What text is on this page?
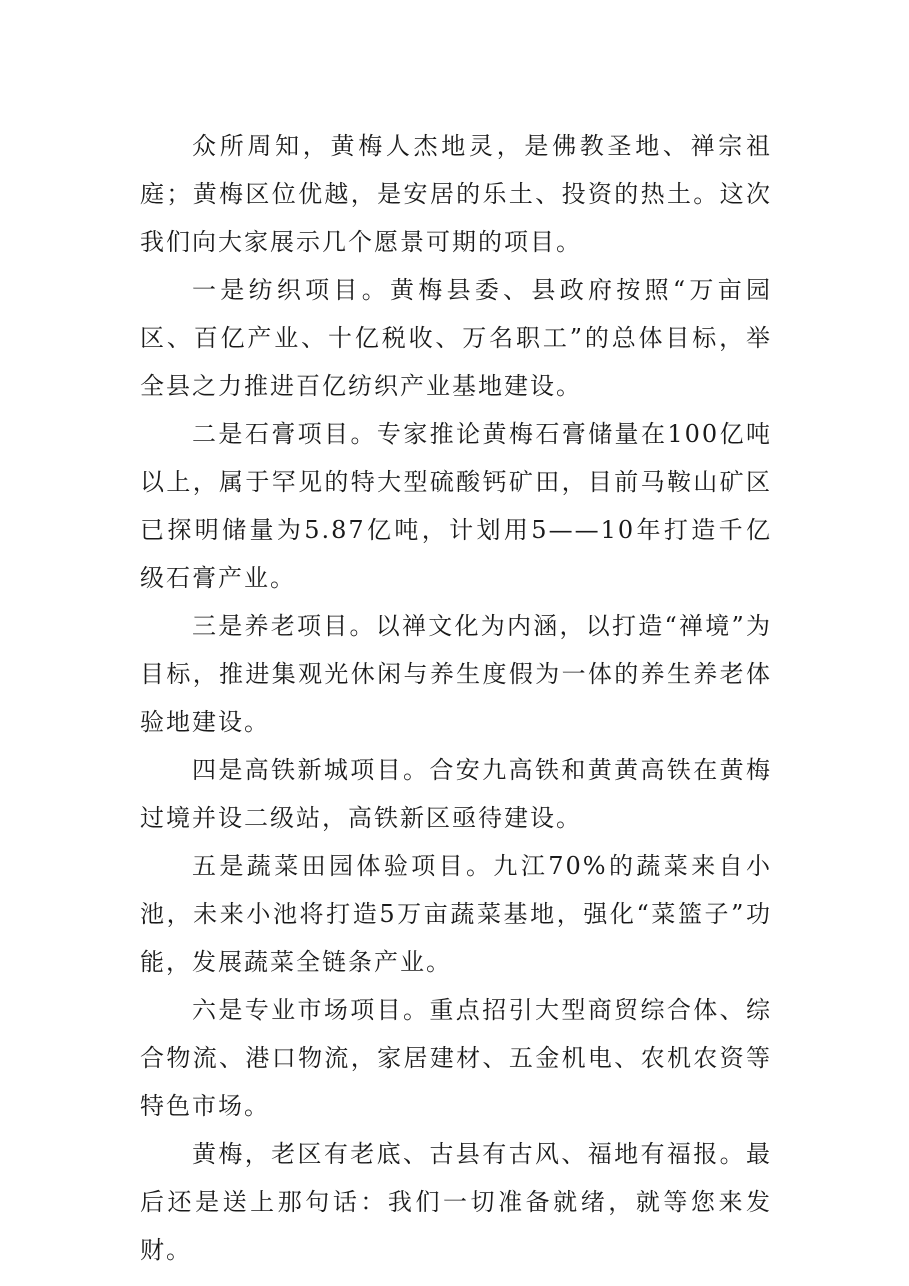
众所周知，黄梅人杰地灵，是佛教圣地、禅宗祖庭；黄梅区位优越，是安居的乐土、投资的热土。这次我们向大家展示几个愿景可期的项目。

一是纺织项目。黄梅县委、县政府按照“万亩园区、百亿产业、十亿税收、万名职工”的总体目标，举全县之力推进百亿纺织产业基地建设。

二是石膏项目。专家推论黄梅石膏储量在100亿吨以上，属于罕见的特大型硫酸钙矿田，目前马鞍山矿区已探明储量为5.87亿吨，计划用5——10年打造千亿级石膏产业。

三是养老项目。以禅文化为内涵，以打造“禅境”为目标，推进集观光休闲与养生度假为一体的养生养老体验地建设。

四是高铁新城项目。合安九高铁和黄黄高铁在黄梅过境并设二级站，高铁新区亟待建设。

五是蔬菜田园体验项目。九江70%的蔬菜来自小池，未来小池将打造5万亩蔬菜基地，强化“菜篮子”功能，发展蔬菜全链条产业。

六是专业市场项目。重点招引大型商贸综合体、综合物流、港口物流，家居建材、五金机电、农机农资等特色市场。

黄梅，老区有老底、古县有古风、福地有福报。最后还是送上那句话：我们一切准备就绪，就等您来发财。
